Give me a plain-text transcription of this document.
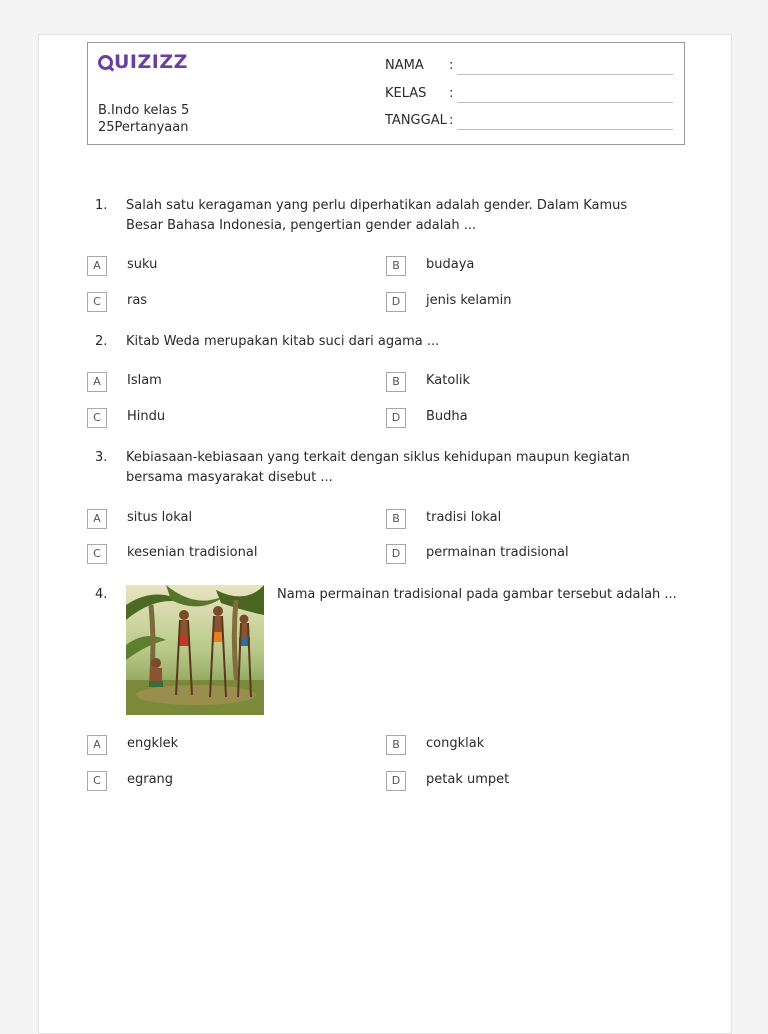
UIZIZZ
B.Indo kelas 5
25Pertanyaan
NAMA :
KELAS :
TANGGAL :
1. Salah satu keragaman yang perlu diperhatikan adalah gender. Dalam Kamus Besar Bahasa Indonesia, pengertian gender adalah ...
A	suku	B	budaya
C	ras	D	jenis kelamin
2. Kitab Weda merupakan kitab suci dari agama ...
A	Islam	B	Katolik
C	Hindu	D	Budha
3. Kebiasaan-kebiasaan yang terkait dengan siklus kehidupan maupun kegiatan bersama masyarakat disebut ...
A	situs lokal	B	tradisi lokal
C	kesenian tradisional	D	permainan tradisional
4.	Nama permainan tradisional pada gambar tersebut adalah ...
A	engklek	B	congklak
C	egrang	D	petak umpet
